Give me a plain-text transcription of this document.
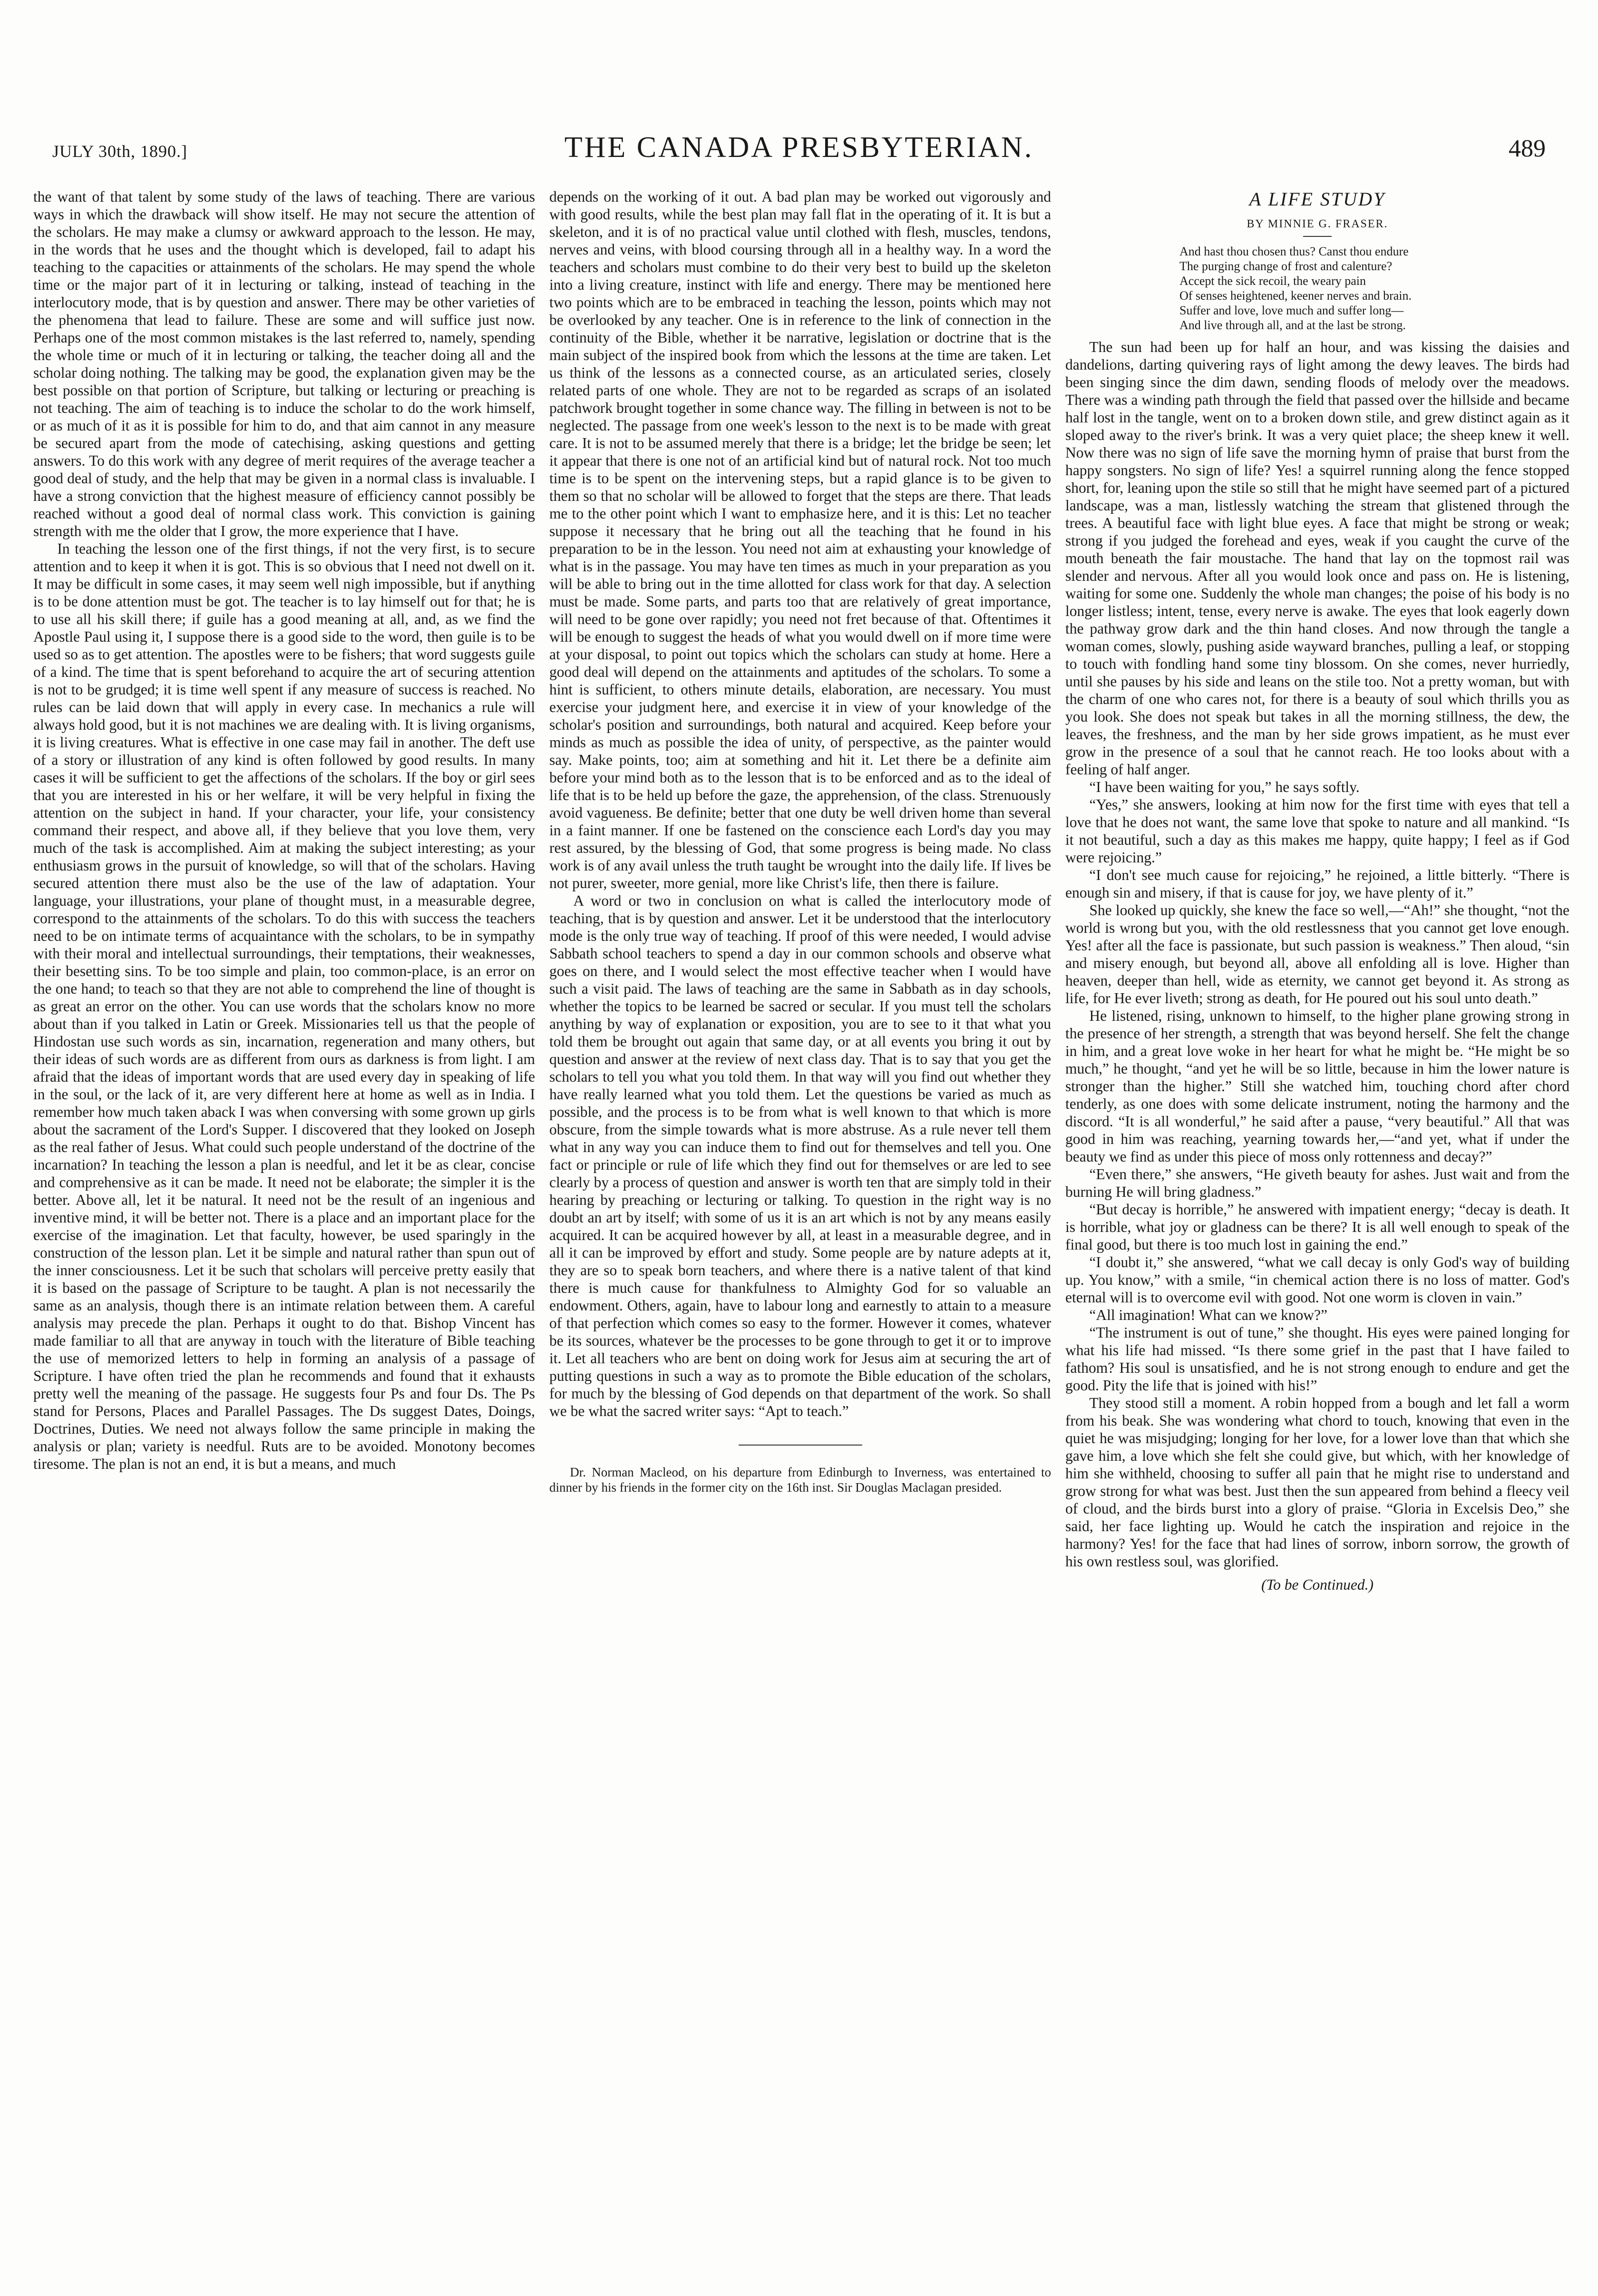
JULY 30th, 1890.]	THE CANADA PRESBYTERIAN.	489

the want of that talent by some study of the laws of teaching. There are various ways in which the drawback will show itself. He may not secure the attention of the scholars. He may make a clumsy or awkward approach to the lesson. He may, in the words that he uses and the thought which is developed, fail to adapt his teaching to the capacities or attainments of the scholars. He may spend the whole time or the major part of it in lecturing or talking, instead of teaching in the interlocutory mode, that is by question and answer. There may be other varieties of the phenomena that lead to failure. These are some and will suffice just now. Perhaps one of the most common mistakes is the last referred to, namely, spending the whole time or much of it in lecturing or talking, the teacher doing all and the scholar doing nothing. The talking may be good, the explanation given may be the best possible on that portion of Scripture, but talking or lecturing or preaching is not teaching. The aim of teaching is to induce the scholar to do the work himself, or as much of it as it is possible for him to do, and that aim cannot in any measure be secured apart from the mode of catechising, asking questions and getting answers. To do this work with any degree of merit requires of the average teacher a good deal of study, and the help that may be given in a normal class is invaluable. I have a strong conviction that the highest measure of efficiency cannot possibly be reached without a good deal of normal class work. This conviction is gaining strength with me the older that I grow, the more experience that I have.

In teaching the lesson one of the first things, if not the very first, is to secure attention and to keep it when it is got. This is so obvious that I need not dwell on it. It may be difficult in some cases, it may seem well nigh impossible, but if anything is to be done attention must be got. The teacher is to lay himself out for that; he is to use all his skill there; if guile has a good meaning at all, and, as we find the Apostle Paul using it, I suppose there is a good side to the word, then guile is to be used so as to get attention. The apostles were to be fishers; that word suggests guile of a kind. The time that is spent beforehand to acquire the art of securing attention is not to be grudged; it is time well spent if any measure of success is reached. No rules can be laid down that will apply in every case. In mechanics a rule will always hold good, but it is not machines we are dealing with. It is living organisms, it is living creatures. What is effective in one case may fail in another. The deft use of a story or illustration of any kind is often followed by good results. In many cases it will be sufficient to get the affections of the scholars. If the boy or girl sees that you are interested in his or her welfare, it will be very helpful in fixing the attention on the subject in hand. If your character, your life, your consistency command their respect, and above all, if they believe that you love them, very much of the task is accomplished. Aim at making the subject interesting; as your enthusiasm grows in the pursuit of knowledge, so will that of the scholars. Having secured attention there must also be the use of the law of adaptation. Your language, your illustrations, your plane of thought must, in a measurable degree, correspond to the attainments of the scholars. To do this with success the teachers need to be on intimate terms of acquaintance with the scholars, to be in sympathy with their moral and intellectual surroundings, their temptations, their weaknesses, their besetting sins. To be too simple and plain, too common-place, is an error on the one hand; to teach so that they are not able to comprehend the line of thought is as great an error on the other. You can use words that the scholars know no more about than if you talked in Latin or Greek. Missionaries tell us that the people of Hindostan use such words as sin, incarnation, regeneration and many others, but their ideas of such words are as different from ours as darkness is from light. I am afraid that the ideas of important words that are used every day in speaking of life in the soul, or the lack of it, are very different here at home as well as in India. I remember how much taken aback I was when conversing with some grown up girls about the sacrament of the Lord's Supper. I discovered that they looked on Joseph as the real father of Jesus. What could such people understand of the doctrine of the incarnation? In teaching the lesson a plan is needful, and let it be as clear, concise and comprehensive as it can be made. It need not be elaborate; the simpler it is the better. Above all, let it be natural. It need not be the result of an ingenious and inventive mind, it will be better not. There is a place and an important place for the exercise of the imagination. Let that faculty, however, be used sparingly in the construction of the lesson plan. Let it be simple and natural rather than spun out of the inner consciousness. Let it be such that scholars will perceive pretty easily that it is based on the passage of Scripture to be taught. A plan is not necessarily the same as an analysis, though there is an intimate relation between them. A careful analysis may precede the plan. Perhaps it ought to do that. Bishop Vincent has made familiar to all that are anyway in touch with the literature of Bible teaching the use of memorized letters to help in forming an analysis of a passage of Scripture. I have often tried the plan he recommends and found that it exhausts pretty well the meaning of the passage. He suggests four Ps and four Ds. The Ps stand for Persons, Places and Parallel Passages. The Ds suggest Dates, Doings, Doctrines, Duties. We need not always follow the same principle in making the analysis or plan; variety is needful. Ruts are to be avoided. Monotony becomes tiresome. The plan is not an end, it is but a means, and much

depends on the working of it out. A bad plan may be worked out vigorously and with good results, while the best plan may fall flat in the operating of it. It is but a skeleton, and it is of no practical value until clothed with flesh, muscles, tendons, nerves and veins, with blood coursing through all in a healthy way. In a word the teachers and scholars must combine to do their very best to build up the skeleton into a living creature, instinct with life and energy. There may be mentioned here two points which are to be embraced in teaching the lesson, points which may not be overlooked by any teacher. One is in reference to the link of connection in the continuity of the Bible, whether it be narrative, legislation or doctrine that is the main subject of the inspired book from which the lessons at the time are taken. Let us think of the lessons as a connected course, as an articulated series, closely related parts of one whole. They are not to be regarded as scraps of an isolated patchwork brought together in some chance way. The filling in between is not to be neglected. The passage from one week's lesson to the next is to be made with great care. It is not to be assumed merely that there is a bridge; let the bridge be seen; let it appear that there is one not of an artificial kind but of natural rock. Not too much time is to be spent on the intervening steps, but a rapid glance is to be given to them so that no scholar will be allowed to forget that the steps are there. That leads me to the other point which I want to emphasize here, and it is this: Let no teacher suppose it necessary that he bring out all the teaching that he found in his preparation to be in the lesson. You need not aim at exhausting your knowledge of what is in the passage. You may have ten times as much in your preparation as you will be able to bring out in the time allotted for class work for that day. A selection must be made. Some parts, and parts too that are relatively of great importance, will need to be gone over rapidly; you need not fret because of that. Oftentimes it will be enough to suggest the heads of what you would dwell on if more time were at your disposal, to point out topics which the scholars can study at home. Here a good deal will depend on the attainments and aptitudes of the scholars. To some a hint is sufficient, to others minute details, elaboration, are necessary. You must exercise your judgment here, and exercise it in view of your knowledge of the scholar's position and surroundings, both natural and acquired. Keep before your minds as much as possible the idea of unity, of perspective, as the painter would say. Make points, too; aim at something and hit it. Let there be a definite aim before your mind both as to the lesson that is to be enforced and as to the ideal of life that is to be held up before the gaze, the apprehension, of the class. Strenuously avoid vagueness. Be definite; better that one duty be well driven home than several in a faint manner. If one be fastened on the conscience each Lord's day you may rest assured, by the blessing of God, that some progress is being made. No class work is of any avail unless the truth taught be wrought into the daily life. If lives be not purer, sweeter, more genial, more like Christ's life, then there is failure.

A word or two in conclusion on what is called the interlocutory mode of teaching, that is by question and answer. Let it be understood that the interlocutory mode is the only true way of teaching. If proof of this were needed, I would advise Sabbath school teachers to spend a day in our common schools and observe what goes on there, and I would select the most effective teacher when I would have such a visit paid. The laws of teaching are the same in Sabbath as in day schools, whether the topics to be learned be sacred or secular. If you must tell the scholars anything by way of explanation or exposition, you are to see to it that what you told them be brought out again that same day, or at all events you bring it out by question and answer at the review of next class day. That is to say that you get the scholars to tell you what you told them. In that way will you find out whether they have really learned what you told them. Let the questions be varied as much as possible, and the process is to be from what is well known to that which is more obscure, from the simple towards what is more abstruse. As a rule never tell them what in any way you can induce them to find out for themselves and tell you. One fact or principle or rule of life which they find out for themselves or are led to see clearly by a process of question and answer is worth ten that are simply told in their hearing by preaching or lecturing or talking. To question in the right way is no doubt an art by itself; with some of us it is an art which is not by any means easily acquired. It can be acquired however by all, at least in a measurable degree, and in all it can be improved by effort and study. Some people are by nature adepts at it, they are so to speak born teachers, and where there is a native talent of that kind there is much cause for thankfulness to Almighty God for so valuable an endowment. Others, again, have to labour long and earnestly to attain to a measure of that perfection which comes so easy to the former. However it comes, whatever be its sources, whatever be the processes to be gone through to get it or to improve it. Let all teachers who are bent on doing work for Jesus aim at securing the art of putting questions in such a way as to promote the Bible education of the scholars, for much by the blessing of God depends on that department of the work. So shall we be what the sacred writer says: “Apt to teach.”

Dr. Norman Macleod, on his departure from Edinburgh to Inverness, was entertained to dinner by his friends in the former city on the 16th inst. Sir Douglas Maclagan presided.

A LIFE STUDY
BY MINNIE G. FRASER.
And hast thou chosen thus? Canst thou endure
The purging change of frost and calenture?
Accept the sick recoil, the weary pain
Of senses heightened, keener nerves and brain.
Suffer and love, love much and suffer long—
And live through all, and at the last be strong.

The sun had been up for half an hour, and was kissing the daisies and dandelions, darting quivering rays of light among the dewy leaves. The birds had been singing since the dim dawn, sending floods of melody over the meadows. There was a winding path through the field that passed over the hillside and became half lost in the tangle, went on to a broken down stile, and grew distinct again as it sloped away to the river's brink. It was a very quiet place; the sheep knew it well. Now there was no sign of life save the morning hymn of praise that burst from the happy songsters. No sign of life? Yes! a squirrel running along the fence stopped short, for, leaning upon the stile so still that he might have seemed part of a pictured landscape, was a man, listlessly watching the stream that glistened through the trees. A beautiful face with light blue eyes. A face that might be strong or weak; strong if you judged the forehead and eyes, weak if you caught the curve of the mouth beneath the fair moustache. The hand that lay on the topmost rail was slender and nervous. After all you would look once and pass on. He is listening, waiting for some one. Suddenly the whole man changes; the poise of his body is no longer listless; intent, tense, every nerve is awake. The eyes that look eagerly down the pathway grow dark and the thin hand closes. And now through the tangle a woman comes, slowly, pushing aside wayward branches, pulling a leaf, or stopping to touch with fondling hand some tiny blossom. On she comes, never hurriedly, until she pauses by his side and leans on the stile too. Not a pretty woman, but with the charm of one who cares not, for there is a beauty of soul which thrills you as you look. She does not speak but takes in all the morning stillness, the dew, the leaves, the freshness, and the man by her side grows impatient, as he must ever grow in the presence of a soul that he cannot reach. He too looks about with a feeling of half anger.

“I have been waiting for you,” he says softly.

“Yes,” she answers, looking at him now for the first time with eyes that tell a love that he does not want, the same love that spoke to nature and all mankind. “Is it not beautiful, such a day as this makes me happy, quite happy; I feel as if God were rejoicing.”

“I don't see much cause for rejoicing,” he rejoined, a little bitterly. “There is enough sin and misery, if that is cause for joy, we have plenty of it.”

She looked up quickly, she knew the face so well,—“Ah!” she thought, “not the world is wrong but you, with the old restlessness that you cannot get love enough. Yes! after all the face is passionate, but such passion is weakness.” Then aloud, “sin and misery enough, but beyond all, above all enfolding all is love. Higher than heaven, deeper than hell, wide as eternity, we cannot get beyond it. As strong as life, for He ever liveth; strong as death, for He poured out his soul unto death.”

He listened, rising, unknown to himself, to the higher plane growing strong in the presence of her strength, a strength that was beyond herself. She felt the change in him, and a great love woke in her heart for what he might be. “He might be so much,” he thought, “and yet he will be so little, because in him the lower nature is stronger than the higher.” Still she watched him, touching chord after chord tenderly, as one does with some delicate instrument, noting the harmony and the discord. “It is all wonderful,” he said after a pause, “very beautiful.” All that was good in him was reaching, yearning towards her,—“and yet, what if under the beauty we find as under this piece of moss only rottenness and decay?”

“Even there,” she answers, “He giveth beauty for ashes. Just wait and from the burning He will bring gladness.”

“But decay is horrible,” he answered with impatient energy; “decay is death. It is horrible, what joy or gladness can be there? It is all well enough to speak of the final good, but there is too much lost in gaining the end.”

“I doubt it,” she answered, “what we call decay is only God's way of building up. You know,” with a smile, “in chemical action there is no loss of matter. God's eternal will is to overcome evil with good. Not one worm is cloven in vain.”

“All imagination! What can we know?”

“The instrument is out of tune,” she thought. His eyes were pained longing for what his life had missed. “Is there some grief in the past that I have failed to fathom? His soul is unsatisfied, and he is not strong enough to endure and get the good. Pity the life that is joined with his!”

They stood still a moment. A robin hopped from a bough and let fall a worm from his beak. She was wondering what chord to touch, knowing that even in the quiet he was misjudging; longing for her love, for a lower love than that which she gave him, a love which she felt she could give, but which, with her knowledge of him she withheld, choosing to suffer all pain that he might rise to understand and grow strong for what was best. Just then the sun appeared from behind a fleecy veil of cloud, and the birds burst into a glory of praise. “Gloria in Excelsis Deo,” she said, her face lighting up. Would he catch the inspiration and rejoice in the harmony? Yes! for the face that had lines of sorrow, inborn sorrow, the growth of his own restless soul, was glorified.

(To be Continued.)
